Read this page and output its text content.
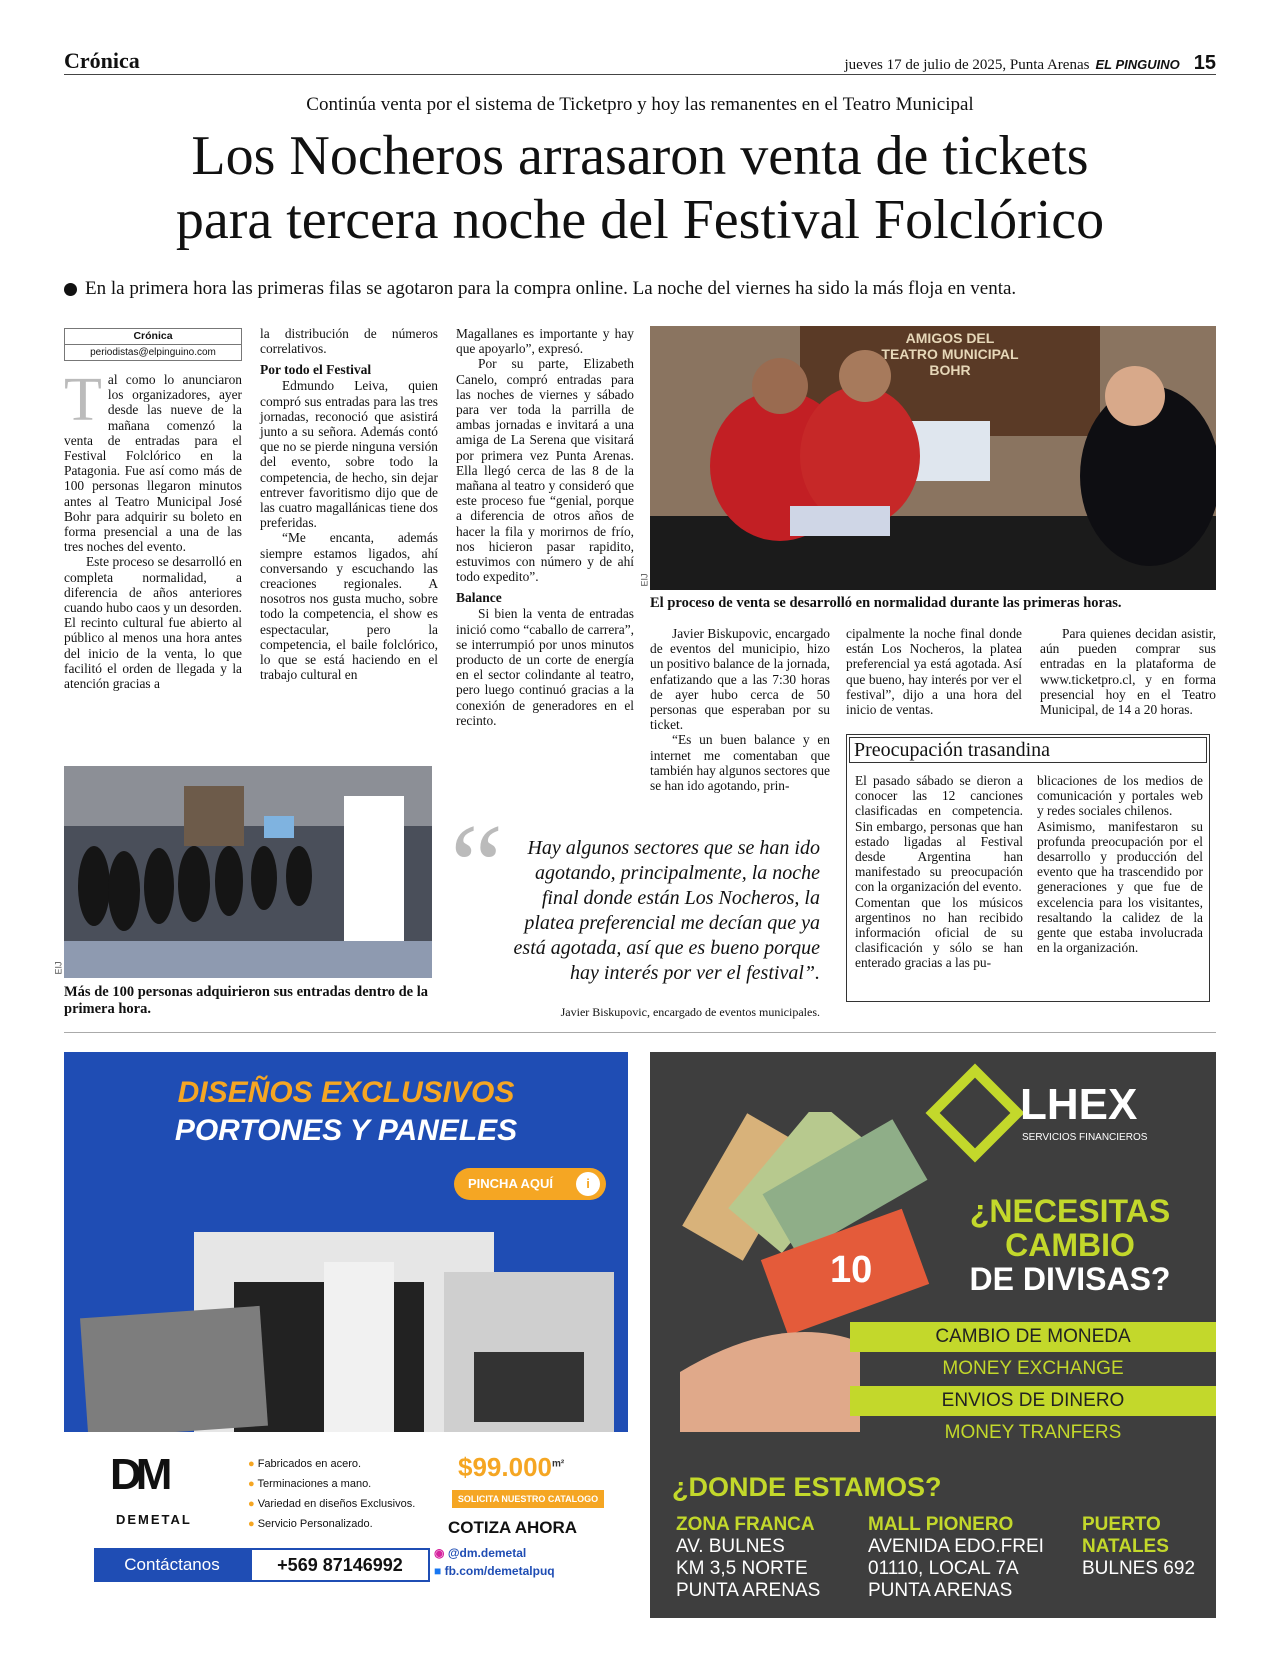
Crónica	jueves 17 de julio de 2025, Punta Arenas EL PINGUINO 15
Continúa venta por el sistema de Ticketpro y hoy las remanentes en el Teatro Municipal
Los Nocheros arrasaron venta de tickets
para tercera noche del Festival Folclórico
En la primera hora las primeras filas se agotaron para la compra online. La noche del viernes ha sido la más floja en venta.
Crónica
periodistas@elpinguino.com

Tal como lo anunciaron los organizadores, ayer desde las nueve de la mañana comenzó la venta de entradas para el Festival Folclórico en la Patagonia. Fue así como más de 100 personas llegaron minutos antes al Teatro Municipal José Bohr para adquirir su boleto en forma presencial a una de las tres noches del evento.

Este proceso se desarrolló en completa normalidad, a diferencia de años anteriores cuando hubo caos y un desorden. El recinto cultural fue abierto al público al menos una hora antes del inicio de la venta, lo que facilitó el orden de llegada y la atención gracias a

la distribución de números correlativos.

Por todo el Festival

Edmundo Leiva, quien compró sus entradas para las tres jornadas, reconoció que asistirá junto a su señora. Además contó que no se pierde ninguna versión del evento, sobre todo la competencia, de hecho, sin dejar entrever favoritismo dijo que de las cuatro magallánicas tiene dos preferidas.

“Me encanta, además siempre estamos ligados, ahí conversando y escuchando las creaciones regionales. A nosotros nos gusta mucho, sobre todo la competencia, el show es espectacular, pero la competencia, el baile folclórico, lo que se está haciendo en el trabajo cultural en

Magallanes es importante y hay que apoyarlo”, expresó.

Por su parte, Elizabeth Canelo, compró entradas para las noches de viernes y sábado para ver toda la parrilla de ambas jornadas e invitará a una amiga de La Serena que visitará por primera vez Punta Arenas. Ella llegó cerca de las 8 de la mañana al teatro y consideró que este proceso fue “genial, porque a diferencia de otros años de hacer la fila y morirnos de frío, nos hicieron pasar rapidito, estuvimos con número y de ahí todo expedito”.

Balance

Si bien la venta de entradas inició como “caballo de carrera”, se interrumpió por unos minutos producto de un corte de energía en el sector colindante al teatro, pero luego continuó gracias a la conexión de generadores en el recinto.

AMIGOS DEL
TEATRO MUNICIPAL
BOHR
EIJ
El proceso de venta se desarrolló en normalidad durante las primeras horas.

Javier Biskupovic, encargado de eventos del municipio, hizo un positivo balance de la jornada, enfatizando que a las 7:30 horas de ayer hubo cerca de 50 personas que esperaban por su ticket.

“Es un buen balance y en internet me comentaban que también hay algunos sectores que se han ido agotando, prin-

cipalmente la noche final donde están Los Nocheros, la platea preferencial ya está agotada. Así que bueno, hay interés por ver el festival”, dijo a una hora del inicio de ventas.

Para quienes decidan asistir, aún pueden comprar sus entradas en la plataforma de www.ticketpro.cl, y en forma presencial hoy en el Teatro Municipal, de 14 a 20 horas.

EIJ
Más de 100 personas adquirieron sus entradas dentro de la primera hora.
“	Hay algunos sectores que se han ido agotando, principalmente, la noche final donde están Los Nocheros, la platea preferencial me decían que ya está agotada, así que es bueno porque hay interés por ver el festival”.
Javier Biskupovic, encargado de eventos municipales.
Preocupación trasandina

El pasado sábado se dieron a conocer las 12 canciones clasificadas en competencia. Sin embargo, personas que han estado ligadas al Festival desde Argentina han manifestado su preocupación con la organización del evento.

Comentan que los músicos argentinos no han recibido información oficial de su clasificación y sólo se han enterado gracias a las pu-

blicaciones de los medios de comunicación y portales web y redes sociales chilenos.

Asimismo, manifestaron su profunda preocupación por el desarrollo y producción del evento que ha trascendido por generaciones y que fue de excelencia para los visitantes, resaltando la calidez de la gente que estaba involucrada en la organización.

DISEÑOS EXCLUSIVOS
PORTONES Y PANELES
PINCHA AQUÍ	i
DM
DEMETAL
● Fabricados en acero.
● Terminaciones a mano.
● Variedad en diseños Exclusivos.
● Servicio Personalizado.
$\$99.000^{m^2}$
SOLICITA NUESTRO CATALOGO
COTIZA AHORA
Contáctanos	+569 87146992
◉ @dm.demetal
■ fb.com/demetalpuq
LHEX
SERVICIOS FINANCIEROS
10
¿NECESITAS
CAMBIO
DE DIVISAS?
CAMBIO DE MONEDA
MONEY EXCHANGE
ENVIOS DE DINERO
MONEY TRANFERS
¿DONDE ESTAMOS?
ZONA FRANCA
AV. BULNES
KM 3,5 NORTE
PUNTA ARENAS
MALL PIONERO
AVENIDA EDO.FREI
01110, LOCAL 7A
PUNTA ARENAS
PUERTO
NATALES
BULNES 692
